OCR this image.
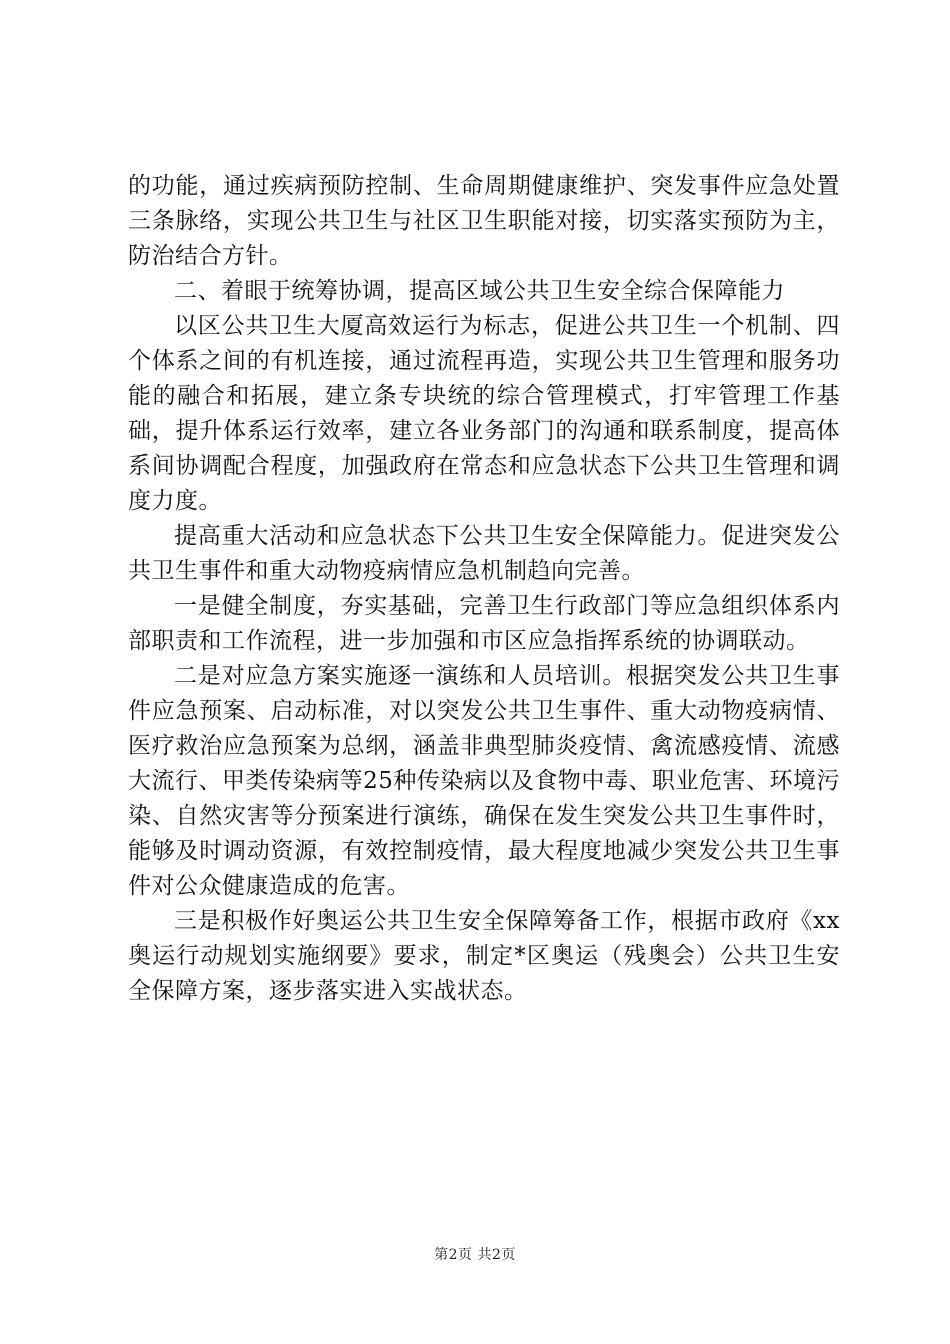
的功能，通过疾病预防控制、生命周期健康维护、突发事件应急处置三条脉络，实现公共卫生与社区卫生职能对接，切实落实预防为主，防治结合方针。

二、着眼于统筹协调，提高区域公共卫生安全综合保障能力

以区公共卫生大厦高效运行为标志，促进公共卫生一个机制、四个体系之间的有机连接，通过流程再造，实现公共卫生管理和服务功能的融合和拓展，建立条专块统的综合管理模式，打牢管理工作基础，提升体系运行效率，建立各业务部门的沟通和联系制度，提高体系间协调配合程度，加强政府在常态和应急状态下公共卫生管理和调度力度。

提高重大活动和应急状态下公共卫生安全保障能力。促进突发公共卫生事件和重大动物疫病情应急机制趋向完善。

一是健全制度，夯实基础，完善卫生行政部门等应急组织体系内部职责和工作流程，进一步加强和市区应急指挥系统的协调联动。

二是对应急方案实施逐一演练和人员培训。根据突发公共卫生事件应急预案、启动标准，对以突发公共卫生事件、重大动物疫病情、医疗救治应急预案为总纲，涵盖非典型肺炎疫情、禽流感疫情、流感大流行、甲类传染病等25种传染病以及食物中毒、职业危害、环境污染、自然灾害等分预案进行演练，确保在发生突发公共卫生事件时，能够及时调动资源，有效控制疫情，最大程度地减少突发公共卫生事件对公众健康造成的危害。

三是积极作好奥运公共卫生安全保障筹备工作，根据市政府《xx奥运行动规划实施纲要》要求，制定*区奥运（残奥会）公共卫生安全保障方案，逐步落实进入实战状态。

第2页 共2页
